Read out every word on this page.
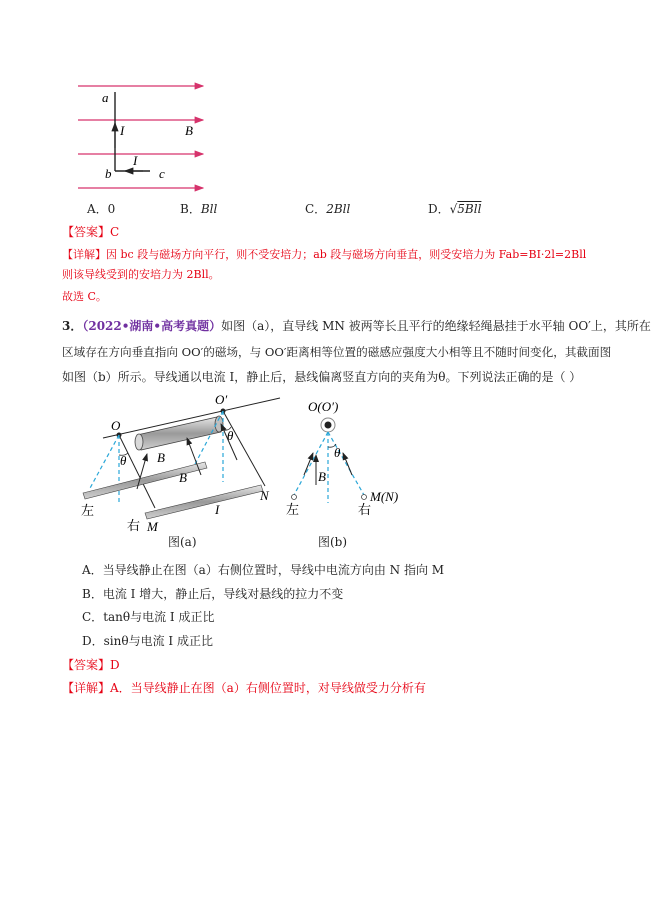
a
I	B
I
b	c
A．0	B．Bll	C．2Bll	D．√5Bll
【答案】C
【详解】因 bc 段与磁场方向平行，则不受安培力；ab 段与磁场方向垂直，则受安培力为 Fab=BI·2l=2Bll
则该导线受到的安培力为 2Bll。
故选 C。
3．（2022•湖南•高考真题）如图（a），直导线 MN 被两等长且平行的绝缘轻绳悬挂于水平轴 OO′上，其所在
区域存在方向垂直指向 OO′的磁场，与 OO′距离相等位置的磁感应强度大小相等且不随时间变化，其截面图
如图（b）所示。导线通以电流 I，静止后，悬线偏离竖直方向的夹角为θ。下列说法正确的是（ ）
O
O′
θ
θ
B
B
左
右 M
N
I
图(a)
O(O′)
θ
B
左	右
M(N)
图(b)
A．当导线静止在图（a）右侧位置时，导线中电流方向由 N 指向 M
B．电流 I 增大，静止后，导线对悬线的拉力不变
C．tanθ与电流 I 成正比
D．sinθ与电流 I 成正比
【答案】D
【详解】A．当导线静止在图（a）右侧位置时，对导线做受力分析有
